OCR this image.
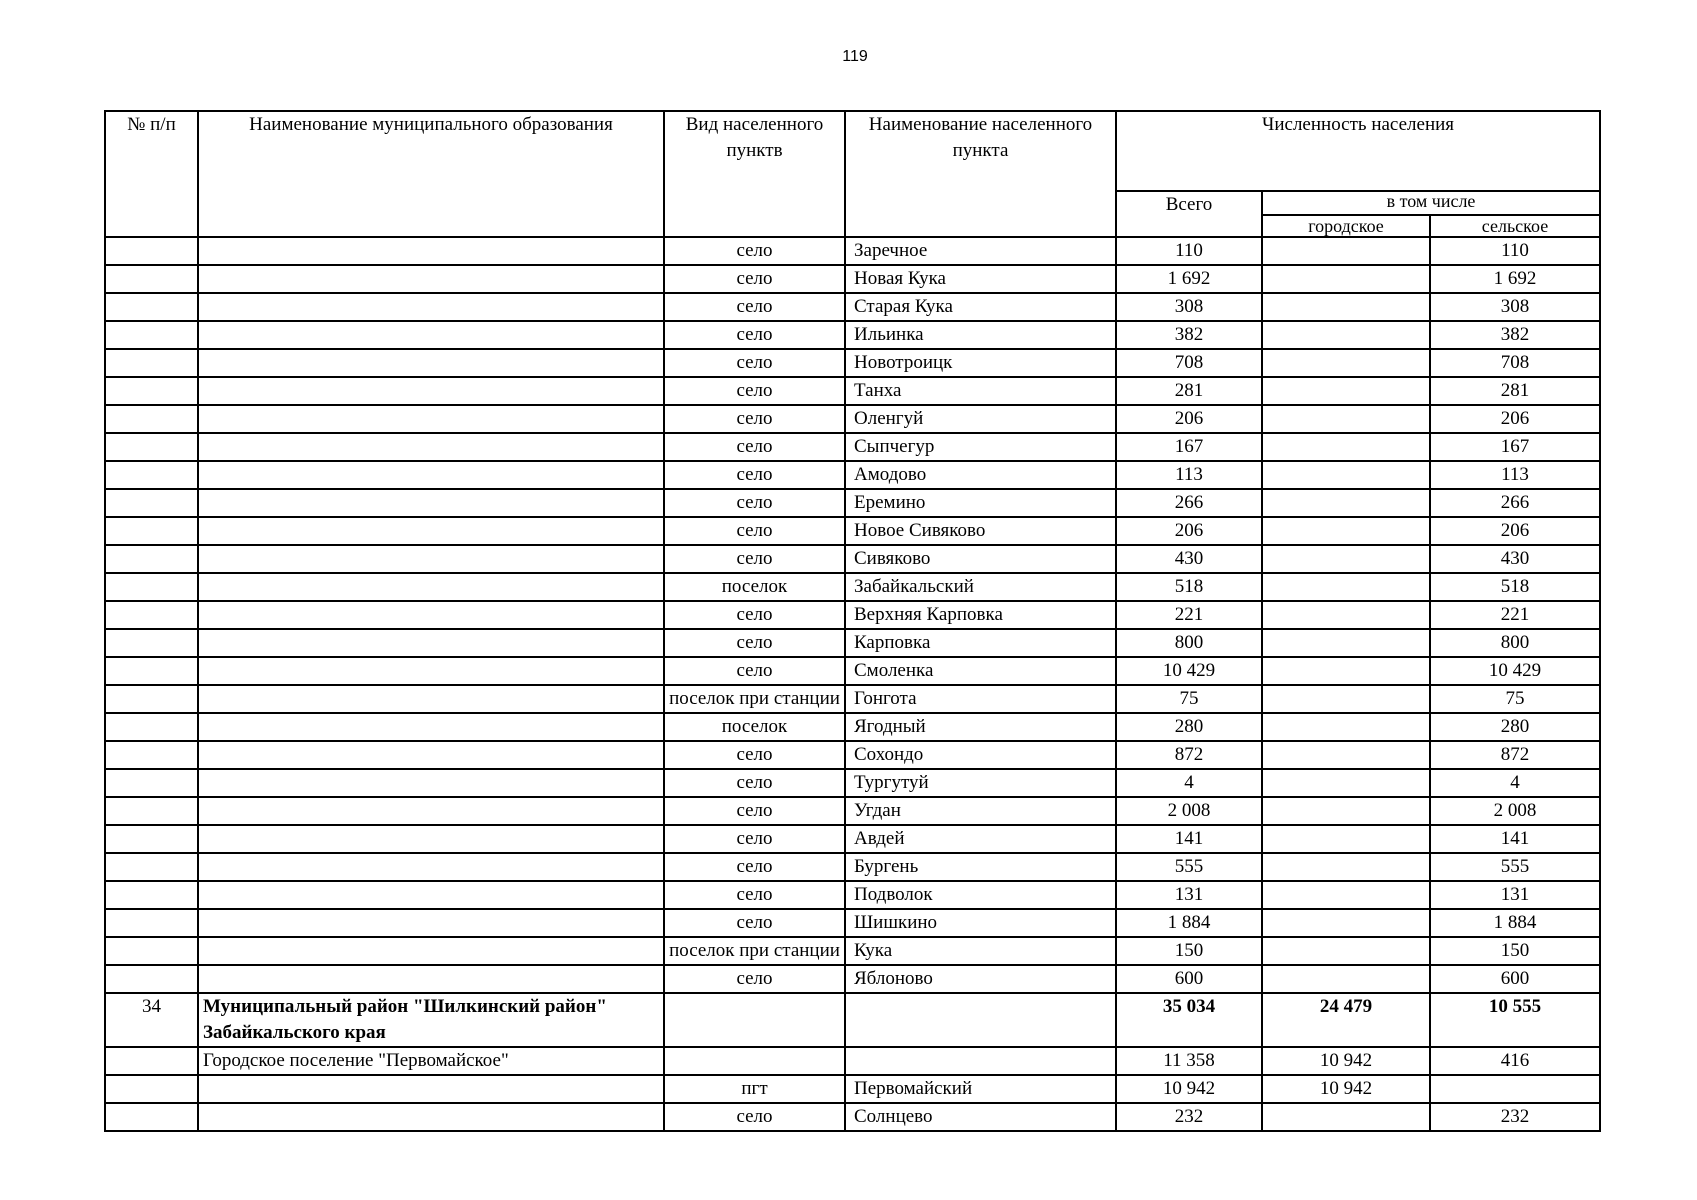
119
№ п/п	Наименование муниципального образования	Вид населенного пунктв	Наименование населенного пункта	Численность населения		
				Всего	в том числе	
					городское	сельское
		село	Заречное	110		110
		село	Новая Кука	1 692		1 692
		село	Старая Кука	308		308
		село	Ильинка	382		382
		село	Новотроицк	708		708
		село	Танха	281		281
		село	Оленгуй	206		206
		село	Сыпчегур	167		167
		село	Амодово	113		113
		село	Еремино	266		266
		село	Новое Сивяково	206		206
		село	Сивяково	430		430
		поселок	Забайкальский	518		518
		село	Верхняя Карповка	221		221
		село	Карповка	800		800
		село	Смоленка	10 429		10 429
		поселок при станции	Гонгота	75		75
		поселок	Ягодный	280		280
		село	Сохондо	872		872
		село	Тургутуй	4		4
		село	Угдан	2 008		2 008
		село	Авдей	141		141
		село	Бургень	555		555
		село	Подволок	131		131
		село	Шишкино	1 884		1 884
		поселок при станции	Кука	150		150
		село	Яблоново	600		600
34	Муниципальный район "Шилкинский район" Забайкальского края			35 034	24 479	10 555
	Городское поселение "Первомайское"			11 358	10 942	416
		пгт	Первомайский	10 942	10 942	
		село	Солнцево	232		232
